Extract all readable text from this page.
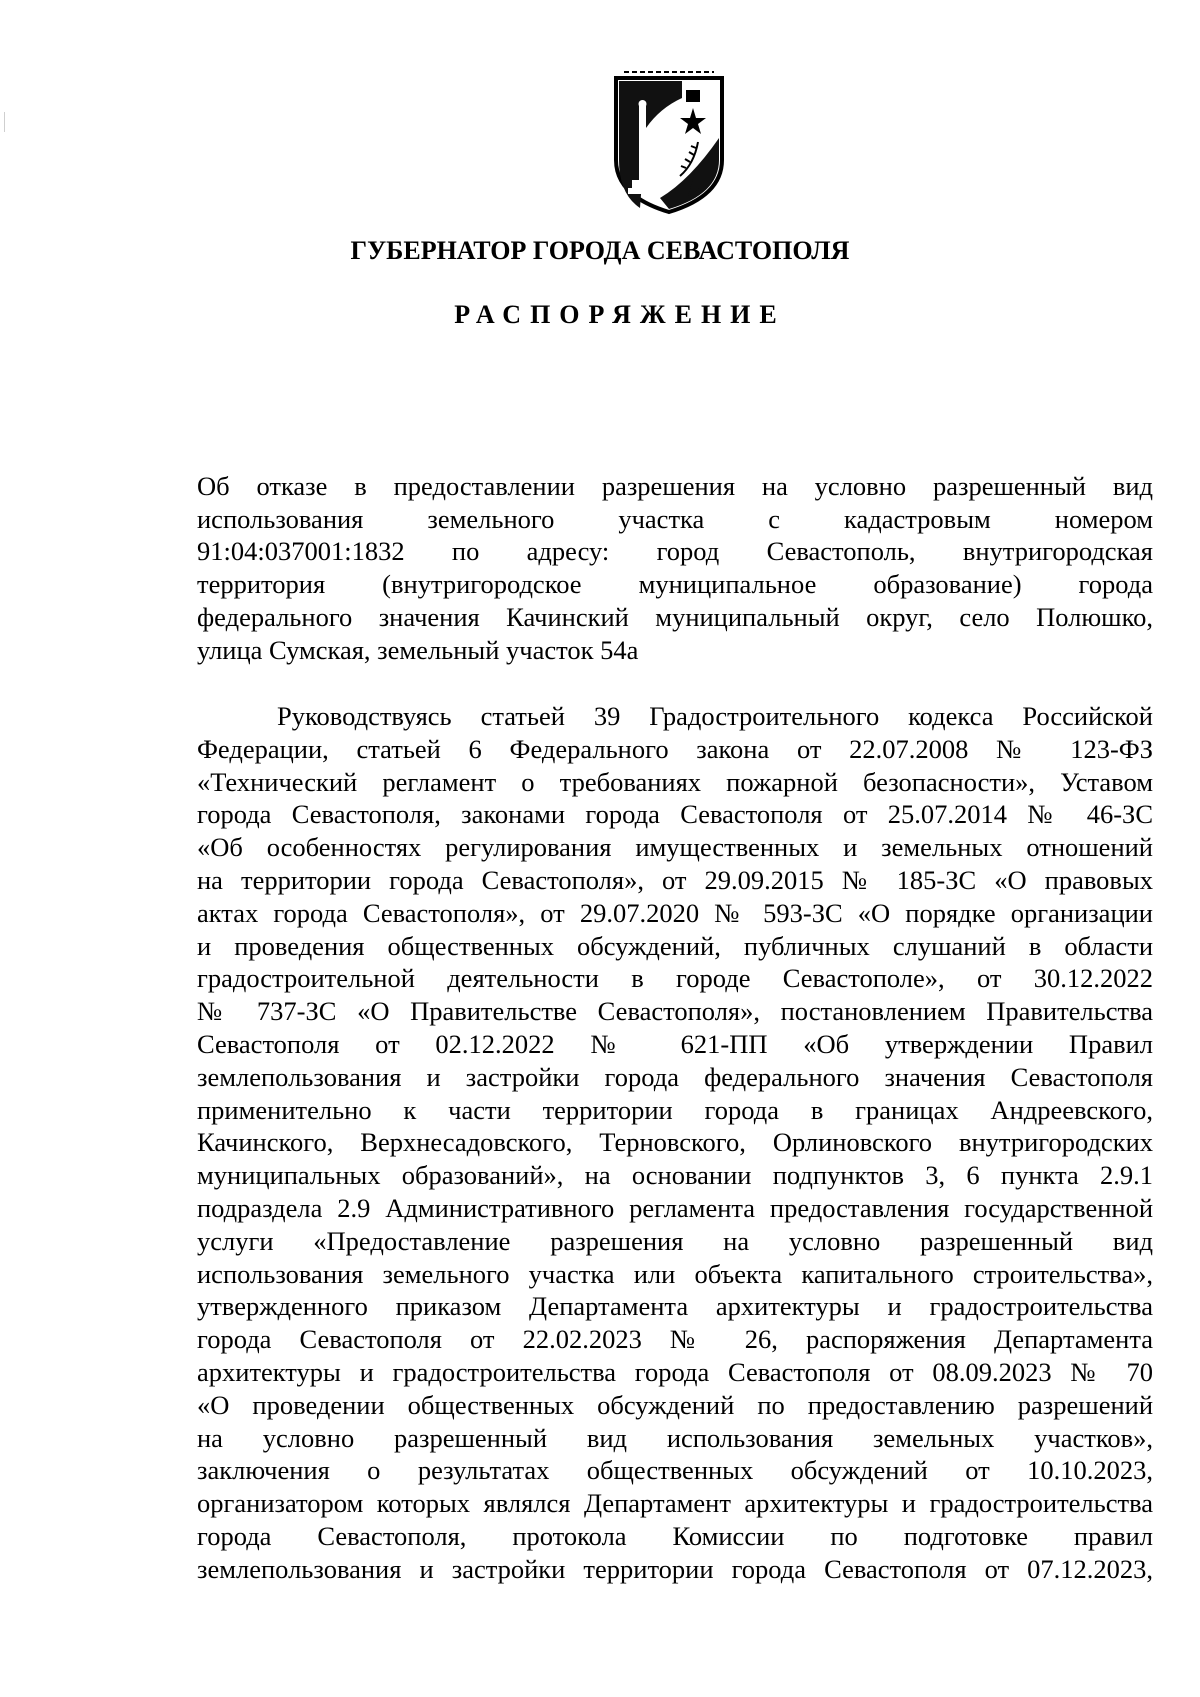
ГУБЕРНАТОР ГОРОДА СЕВАСТОПОЛЯ
РАСПОРЯЖЕНИЕ
Об отказе в предоставлении разрешения на условно разрешенный вид
использования земельного участка с кадастровым номером
91:04:037001:1832 по адресу: город Севастополь, внутригородская
территория (внутригородское муниципальное образование) города
федерального значения Качинский муниципальный округ, село Полюшко,
улица Сумская, земельный участок 54а
Руководствуясь статьей 39 Градостроительного кодекса Российской
Федерации, статьей 6 Федерального закона от 22.07.2008 № 123-ФЗ
«Технический регламент о требованиях пожарной безопасности», Уставом
города Севастополя, законами города Севастополя от 25.07.2014 № 46-ЗС
«Об особенностях регулирования имущественных и земельных отношений
на территории города Севастополя», от 29.09.2015 № 185-ЗС «О правовых
актах города Севастополя», от 29.07.2020 № 593-ЗС «О порядке организации
и проведения общественных обсуждений, публичных слушаний в области
градостроительной деятельности в городе Севастополе», от 30.12.2022
№ 737-ЗС «О Правительстве Севастополя», постановлением Правительства
Севастополя от 02.12.2022 № 621-ПП «Об утверждении Правил
землепользования и застройки города федерального значения Севастополя
применительно к части территории города в границах Андреевского,
Качинского, Верхнесадовского, Терновского, Орлиновского внутригородских
муниципальных образований», на основании подпунктов 3, 6 пункта 2.9.1
подраздела 2.9 Административного регламента предоставления государственной
услуги «Предоставление разрешения на условно разрешенный вид
использования земельного участка или объекта капитального строительства»,
утвержденного приказом Департамента архитектуры и градостроительства
города Севастополя от 22.02.2023 № 26, распоряжения Департамента
архитектуры и градостроительства города Севастополя от 08.09.2023 № 70
«О проведении общественных обсуждений по предоставлению разрешений
на условно разрешенный вид использования земельных участков»,
заключения о результатах общественных обсуждений от 10.10.2023,
организатором которых являлся Департамент архитектуры и градостроительства
города Севастополя, протокола Комиссии по подготовке правил
землепользования и застройки территории города Севастополя от 07.12.2023,
